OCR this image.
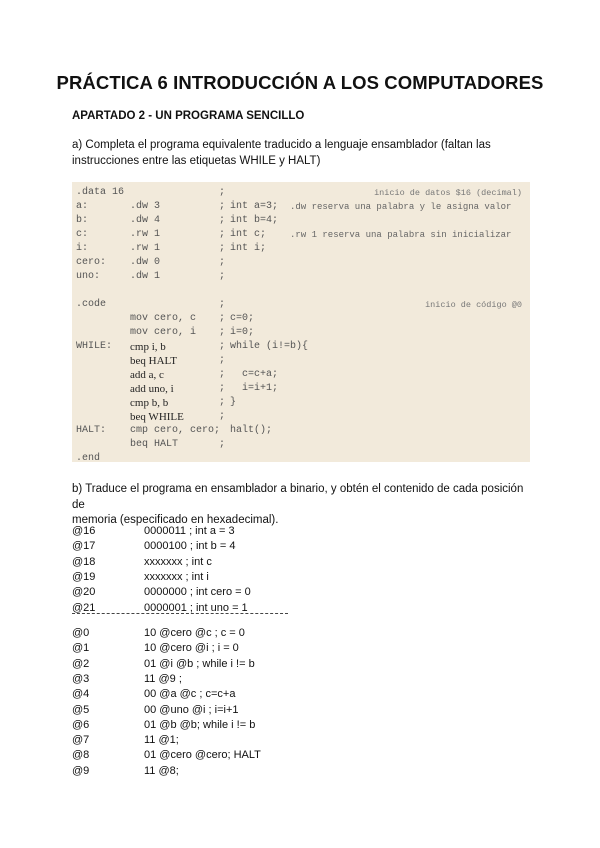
PRÁCTICA 6 INTRODUCCIÓN A LOS COMPUTADORES
APARTADO 2 - UN PROGRAMA SENCILLO
a) Completa el programa equivalente traducido a lenguaje ensamblador (faltan las
instrucciones entre las etiquetas WHILE y HALT)
.data 16	;	inicio de datos $16 (decimal)
a:	.dw 3	; int a=3; .dw reserva una palabra y le asigna valor
b:	.dw 4	; int b=4;
c:	.rw 1	; int c;	.rw 1 reserva una palabra sin inicializar
i:	.rw 1	; int i;
cero: .dw 0	;
uno:	.dw 1	;
.code	;	inicio de código @0
mov cero, c ; c=0;
mov cero, i ; i=0;
WHILE: cmp i, b	; while (i!=b){
beq HALT	;
add a, c	; c=c+a;
add uno, i	; i=i+1;
cmp b, b	; }
beq WHILE	;
HALT: cmp cero, cero; halt();
beq HALT	;
.end
b) Traduce el programa en ensamblador a binario, y obtén el contenido de cada posición de
memoria (especificado en hexadecimal).
@16	0000011 ; int a = 3
@17	0000100 ; int b = 4
@18	xxxxxxx ; int c
@19	xxxxxxx ; int i
@20	0000000 ; int cero = 0
@21	0000001 ; int uno = 1
@0	10 @cero @c ; c = 0
@1	10 @cero @i ; i = 0
@2	01 @i @b ; while i != b
@3	11 @9 ;
@4	00 @a @c ; c=c+a
@5	00 @uno @i ; i=i+1
@6	01 @b @b; while i != b
@7	11 @1;
@8	01 @cero @cero; HALT
@9	11 @8;
